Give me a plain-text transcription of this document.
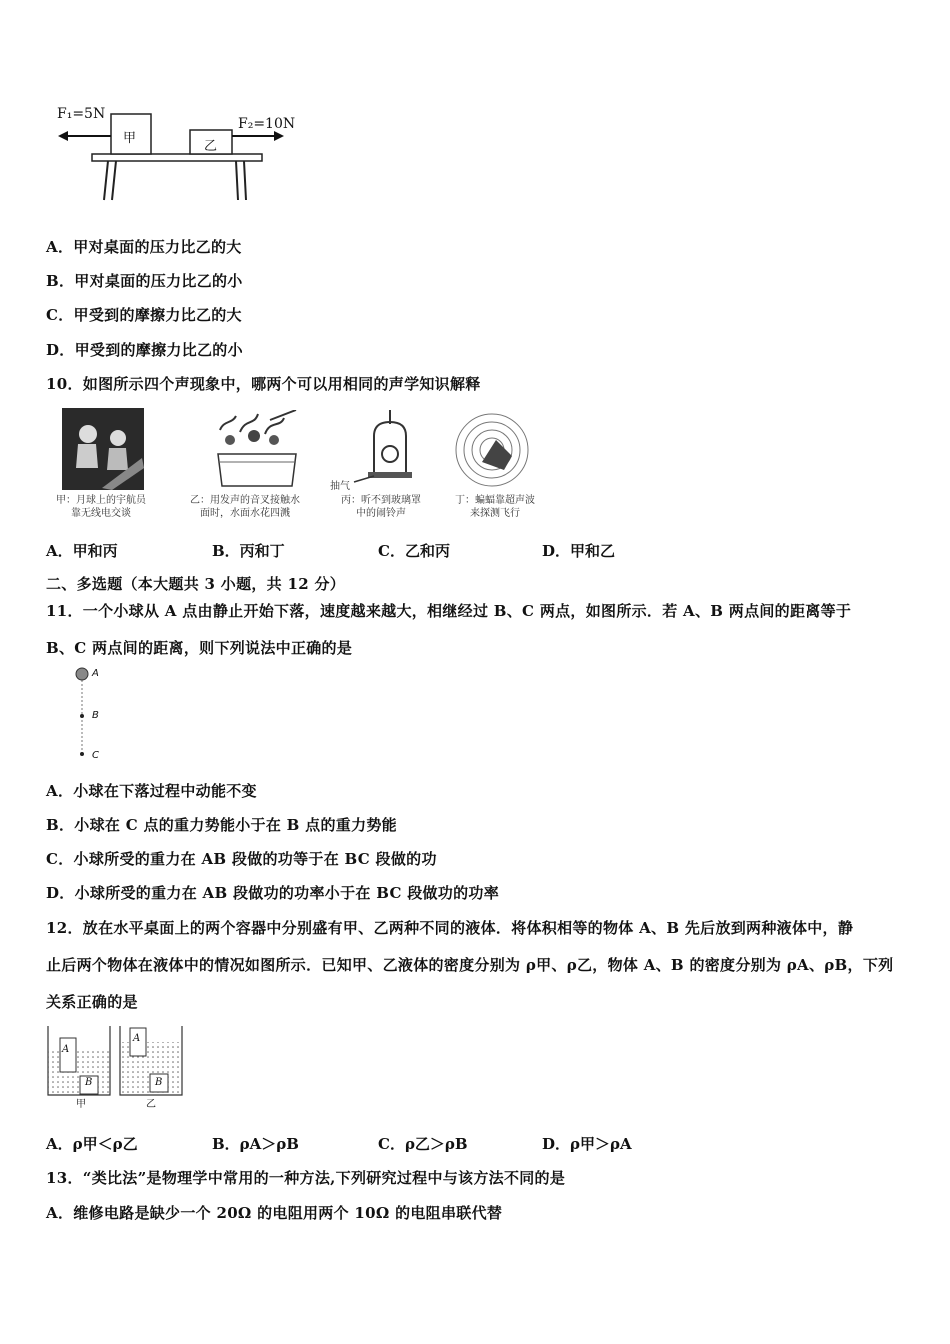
F₁=5N
F₂=10N
甲
乙
A．甲对桌面的压力比乙的大
B．甲对桌面的压力比乙的小
C．甲受到的摩擦力比乙的大
D．甲受到的摩擦力比乙的小
10．如图所示四个声现象中，哪两个可以用相同的声学知识解释
抽气
甲：月球上的宇航员
靠无线电交谈
乙：用发声的音叉接触水
面时，水面水花四溅
丙：听不到玻璃罩
中的闹铃声
丁：蝙蝠靠超声波
来探测飞行
A．甲和丙	B．丙和丁	C．乙和丙	D．甲和乙
二、多选题（本大题共 3 小题，共 12 分）
11．一个小球从 A 点由静止开始下落，速度越来越大，相继经过 B、C 两点，如图所示．若 A、B 两点间的距离等于
B、C 两点间的距离，则下列说法中正确的是
A
B
C
A．小球在下落过程中动能不变
B．小球在 C 点的重力势能小于在 B 点的重力势能
C．小球所受的重力在 AB 段做的功等于在 BC 段做的功
D．小球所受的重力在 AB 段做功的功率小于在 BC 段做功的功率
12．放在水平桌面上的两个容器中分别盛有甲、乙两种不同的液体．将体积相等的物体 A、B 先后放到两种液体中，静
止后两个物体在液体中的情况如图所示．已知甲、乙液体的密度分别为 ρ甲、ρ乙，物体 A、B 的密度分别为 ρA、ρB，下列
关系正确的是
A
B
A
B
甲	乙
A．ρ甲＜ρ乙	B．ρA＞ρB	C．ρ乙＞ρB	D．ρ甲＞ρA
13．“类比法”是物理学中常用的一种方法,下列研究过程中与该方法不同的是
A．维修电路是缺少一个 20Ω 的电阻用两个 10Ω 的电阻串联代替
